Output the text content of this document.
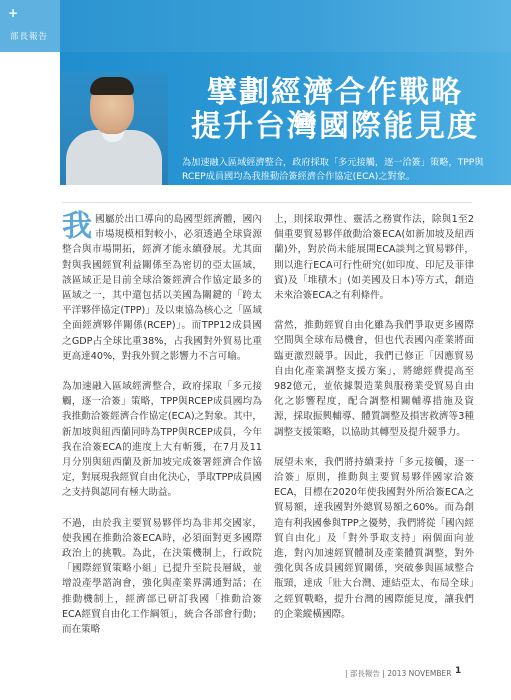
+
部長報告
擘劃經濟合作戰略
提升台灣國際能見度
為加速融入區域經濟整合，政府採取「多元接觸，逐一洽簽」策略，TPP與RCEP成員國均為我推動洽簽經濟合作協定(ECA)之對象。

我國屬於出口導向的島國型經濟體，國內市場規模相對較小，必須透過全球資源整合與市場開拓，經濟才能永續發展。尤其面對與我國經貿利益關係至為密切的亞太區域，該區域正是目前全球洽簽經濟合作協定最多的區域之一，其中還包括以美國為關鍵的「跨太平洋夥伴協定(TPP)」及以東協為核心之「區域全面經濟夥伴關係(RCEP)」。而TPP12成員國之GDP占全球比重38%，占我國對外貿易比重更高達40%，對我外貿之影響力不言可喻。

為加速融入區域經濟整合，政府採取「多元接觸，逐一洽簽」策略，TPP與RCEP成員國均為我推動洽簽經濟合作協定(ECA)之對象。其中，新加坡與紐西蘭同時為TPP與RCEP成員，今年我在洽簽ECA的進度上大有斬獲，在7月及11月分別與紐西蘭及新加坡完成簽署經濟合作協定，對展現我經貿自由化決心，爭取TPP成員國之支持與認同有極大助益。

不過，由於我主要貿易夥伴均為非邦交國家，使我國在推動洽簽ECA時，必須面對更多國際政治上的挑戰。為此，在決策機制上，行政院「國際經貿策略小組」已提升至院長層級，並增設產學諮詢會，強化與產業界溝通對話；在推動機制上，經濟部已研訂我國「推動洽簽ECA經貿自由化工作綱領」，統合各部會行動；而在策略

上，則採取彈性、靈活之務實作法，除與1至2個重要貿易夥伴啟動洽簽ECA(如新加坡及紐西蘭)外，對於尚未能展開ECA談判之貿易夥伴，則以進行ECA可行性研究(如印度、印尼及菲律賓)及「堆積木」(如美國及日本)等方式，創造未來洽簽ECA之有利條件。

當然，推動經貿自由化雖為我們爭取更多國際空間與全球布局機會，但也代表國內產業將面臨更激烈競爭。因此，我們已修正「因應貿易自由化產業調整支援方案」，將總經費提高至982億元，並依據製造業與服務業受貿易自由化之影響程度，配合調整相關輔導措施及資源，採取振興輔導、體質調整及損害救濟等3種調整支援策略，以協助其轉型及提升競爭力。

展望未來，我們將持續秉持「多元接觸，逐一洽簽」原則，推動與主要貿易夥伴國家洽簽ECA，目標在2020年使我國對外所洽簽ECA之貿易額，達我國對外總貿易額之60%。而為創造有利我國參與TPP之優勢，我們將從「國內經貿自由化」及「對外爭取支持」兩個面向並進，對內加速經貿體制及產業體質調整，對外強化與各成員國經貿關係，突破參與區域整合瓶頸，達成「壯大台灣、連結亞太、布局全球」之經貿戰略，提升台灣的國際能見度，讓我們的企業縱橫國際。

| 部長報告 | 2013 NOVEMBER 1
